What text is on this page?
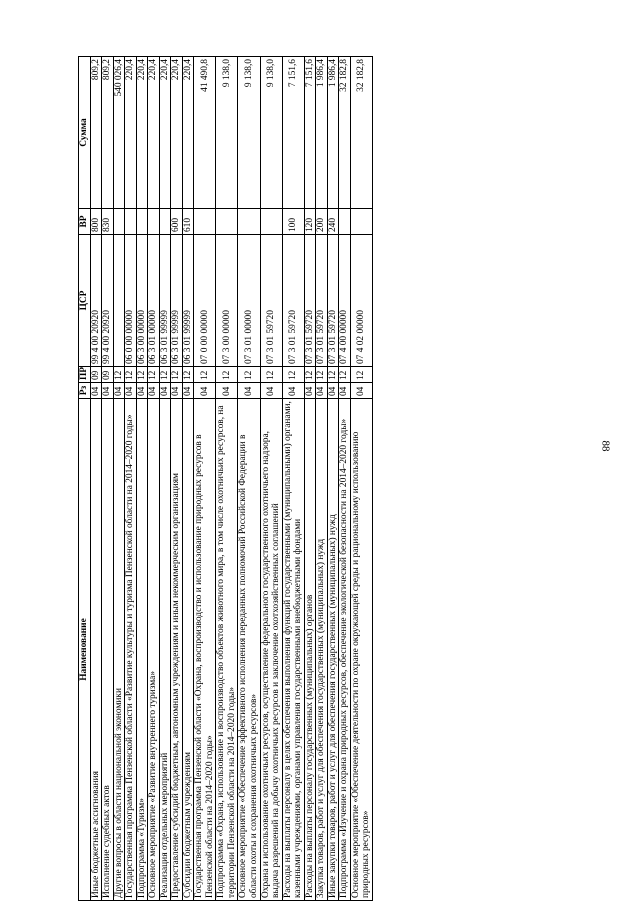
88
Наименование	Рз	ПР	ЦСР	ВР	Сумма
Иные бюджетные ассигнования	04	09	99 4 00 20920	800	809,2
Исполнение судебных актов	04	09	99 4 00 20920	830	809,2
Другие вопросы в области национальной экономики	04	12			540 026,4
Государственная программа Пензенской области «Развитие культуры и туризма Пензенской области на 2014–2020 годы»	04	12	06 0 00 00000		220,4
Подпрограмма «Туризм»	04	12	06 3 00 00000		220,4
Основное мероприятие «Развитие внутреннего туризма»	04	12	06 3 01 00000		220,4
Реализация отдельных мероприятий	04	12	06 3 01 99999		220,4
Предоставление субсидий бюджетным, автономным учреждениям и иным некоммерческим организациям	04	12	06 3 01 99999	600	220,4
Субсидии бюджетным учреждениям	04	12	06 3 01 99999	610	220,4
Государственная программа Пензенской области «Охрана, воспроизводство и использование природных ресурсов в Пензенской области на 2014–2020 годы»	04	12	07 0 00 00000		41 490,8
Подпрограмма «Охрана, использование и воспроизводство объектов животного мира, в том числе охотничьих ресурсов, на территории Пензенской области на 2014–2020 годы»	04	12	07 3 00 00000		9 138,0
Основное мероприятие «Обеспечение эффективного исполнения переданных полномочий Российской Федерации в области охоты и сохранения охотничьих ресурсов»	04	12	07 3 01 00000		9 138,0
Охрана и использование охотничьих ресурсов, осуществление федерального государственного охотничьего надзора, выдача разрешений на добычу охотничьих ресурсов и заключение охотхозяйственных соглашений	04	12	07 3 01 59720		9 138,0
Расходы на выплаты персоналу в целях обеспечения выполнения функций государственными (муниципальными) органами, казенными учреждениями, органами управления государственными внебюджетными фондами	04	12	07 3 01 59720	100	7 151,6
Расходы на выплаты персоналу государственных (муниципальных) органов	04	12	07 3 01 59720	120	7 151,6
Закупка товаров, работ и услуг для обеспечения государственных (муниципальных) нужд	04	12	07 3 01 59720	200	1 986,4
Иные закупки товаров, работ и услуг для обеспечения государственных (муниципальных) нужд	04	12	07 3 01 59720	240	1 986,4
Подпрограмма «Изучение и охрана природных ресурсов, обеспечение экологической безопасности на 2014–2020 годы»	04	12	07 4 00 00000		32 182,8
Основное мероприятие «Обеспечение деятельности по охране окружающей среды и рациональному использованию природных ресурсов»	04	12	07 4 02 00000		32 182,8
